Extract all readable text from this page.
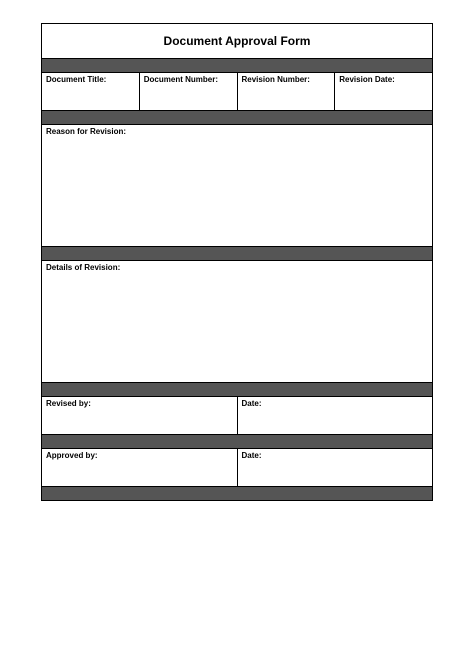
Document Approval Form
Document Title:	Document Number:	Revision Number:	Revision Date:
Reason for Revision:
Details of Revision:
Revised by:	Date:
Approved by:	Date:
